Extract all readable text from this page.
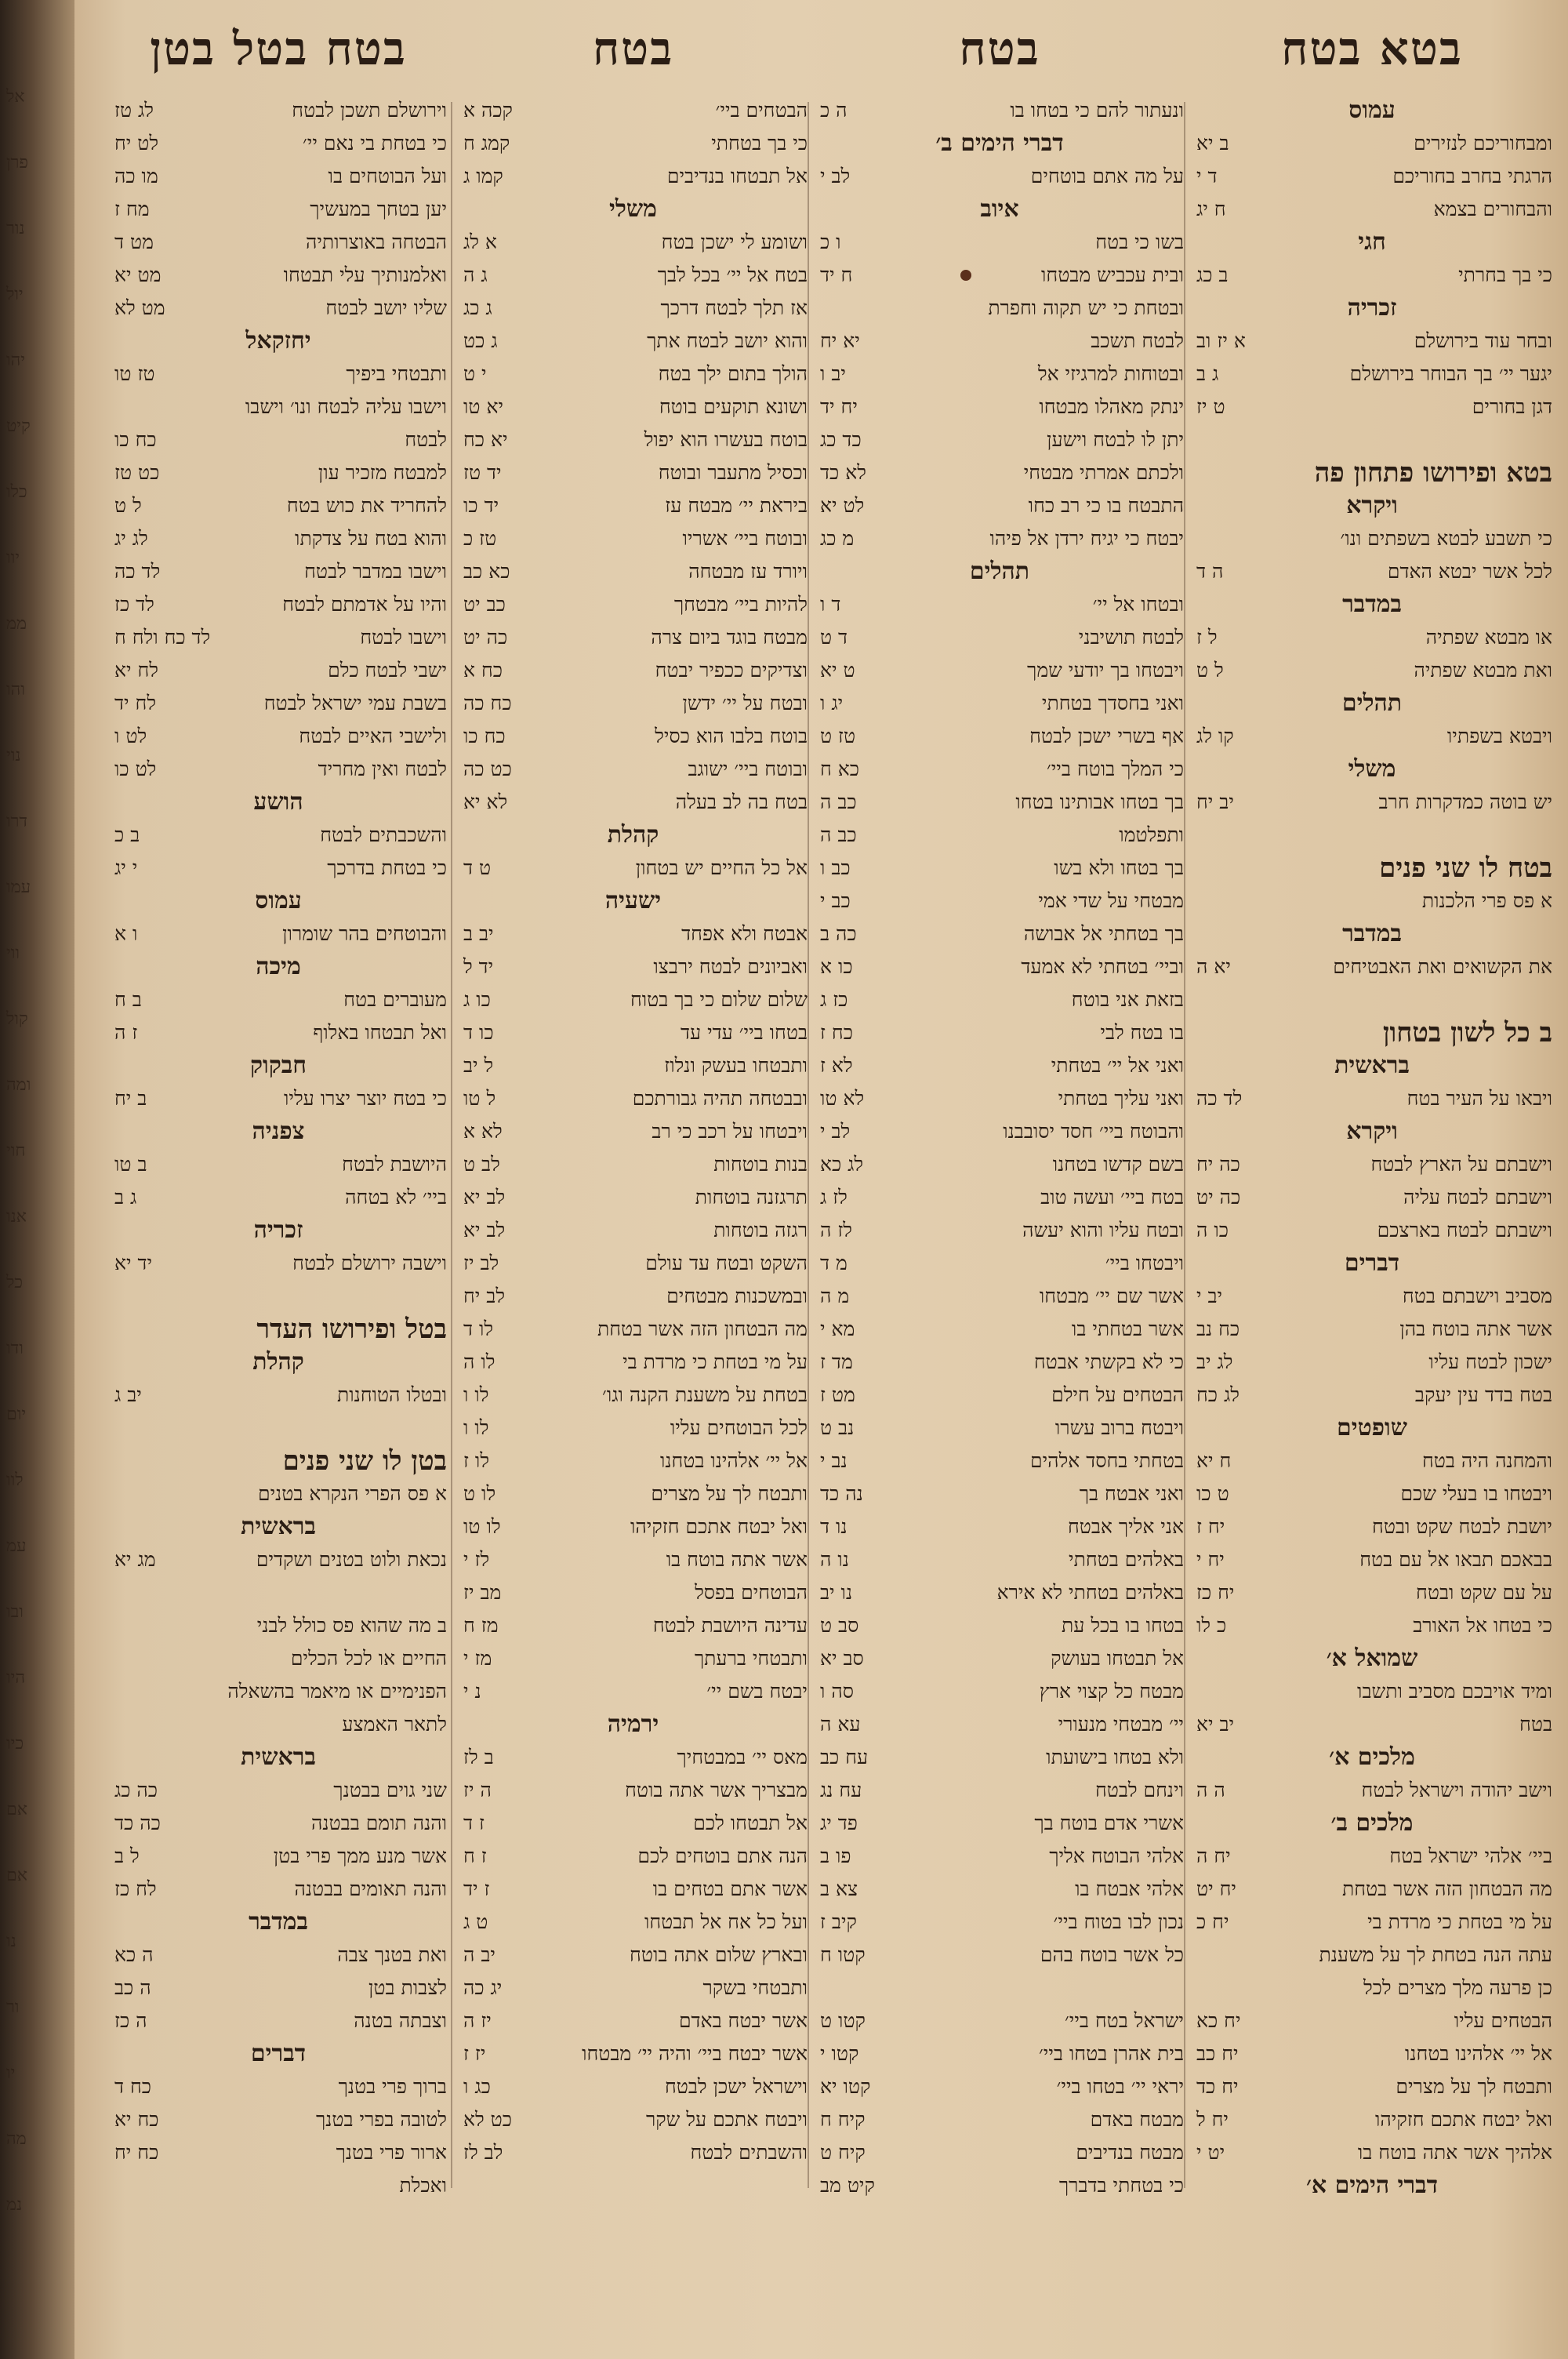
אל
פרן
נור
יול
יהו
קיט
כלו
יוו
ממ
והו
נוי
דרו
עמו
ווי
קול
ומה
חוי
אנו
כל
ודו
יום
לוו
עמ
ובו
היו
כיו
אם
אם
נו
ור
יו
מה
נמ
בטא בטח
בטח
בטח
בטח בטל בטן
עמוס
ומבחוריכם לנזירים
ב יא
הרגתי בחרב בחוריכם
ד י
והבחורים בצמא
ח יג
חגי
כי בך בחרתי
ב כג
זכריה
ובחר עוד בירושלם
א יז וב
יגער יי׳ בך הבוחר בירושלם
ג ב
דגן בחורים
ט יז
בטא ופירושו פתחון פה
ויקרא
כי תשבע לבטא בשפתים ונו׳
לכל אשר יבטא האדם
ה ד
במדבר
או מבטא שפתיה
ל ז
ואת מבטא שפתיה
ל ט
תהלים
ויבטא בשפתיו
קו לג
משלי
יש בוטה כמדקרות חרב
יב יח
בטח לו שני פנים
א פס פרי הלכנות
במדבר
את הקשואים ואת האבטיחים
יא ה
ב כל לשון בטחון
בראשית
ויבאו על העיר בטח
לד כה
ויקרא
וישבתם על הארץ לבטח
כה יח
וישבתם לבטח עליה
כה יט
וישבתם לבטח בארצכם
כו ה
דברים
מסביב וישבתם בטח
יב י
אשר אתה בוטח בהן
כח נב
ישכון לבטח עליו
לג יב
בטח בדד עין יעקב
לג כח
שופטים
והמחנה היה בטח
ח יא
ויבטחו בו בעלי שכם
ט כו
יושבת לבטח שקט ובטח
יח ז
בבאכם תבאו אל עם בטח
יח י
על עם שקט ובטח
יח כז
כי בטחו אל האורב
כ לו
שמואל א׳
ומיד אויבכם מסביב ותשבו
בטח
יב יא
מלכים א׳
וישב יהודה וישראל לבטח
ה ה
מלכים ב׳
ביי׳ אלהי ישראל בטח
יח ה
מה הבטחון הזה אשר בטחת
יח יט
על מי בטחת כי מרדת בי
יח כ
עתה הנה בטחת לך על משענת
כן פרעה מלך מצרים לכל
הבטחים עליו
יח כא
אל יי׳ אלהינו בטחנו
יח כב
ותבטח לך על מצרים
יח כד
ואל יבטח אתכם חזקיהו
יח ל
אלהיך אשר אתה בוטח בו
יט י
דברי הימים א׳
ונעתור להם כי בטחו בו
ה כ
דברי הימים ב׳
על מה אתם בוטחים
לב י
איוב
בשו כי בטח
ו כ
ובית עכביש מבטחו
ח יד
ובטחת כי יש תקוה וחפרת
לבטח תשכב
יא יח
ובטוחות למרגיזי אל
יב ו
ינתק מאהלו מבטחו
יח יד
יתן לו לבטח וישען
כד כג
ולכתם אמרתי מבטחי
לא כד
התבטח בו כי רב כחו
לט יא
יבטח כי יגיח ירדן אל פיהו
מ כג
תהלים
ובטחו אל יי׳
ד ו
לבטח תושיבני
ד ט
ויבטחו בך יודעי שמך
ט יא
ואני בחסדך בטחתי
יג ו
אף בשרי ישכן לבטח
טז ט
כי המלך בוטח ביי׳
כא ח
בך בטחו אבותינו בטחו
כב ה
ותפלטמו
כב ה
בך בטחו ולא בשו
כב ו
מבטחי על שדי אמי
כב י
בך בטחתי אל אבושה
כה ב
וביי׳ בטחתי לא אמעד
כו א
בזאת אני בוטח
כז ג
בו בטח לבי
כח ז
ואני אל יי׳ בטחתי
לא ז
ואני עליך בטחתי
לא טו
והבוטח ביי׳ חסד יסובבנו
לב י
בשם קדשו בטחנו
לג כא
בטח ביי׳ ועשה טוב
לז ג
ובטח עליו והוא יעשה
לז ה
ויבטחו ביי׳
מ ד
אשר שם יי׳ מבטחו
מ ה
אשר בטחתי בו
מא י
כי לא בקשתי אבטח
מד ז
הבטחים על חילם
מט ז
ויבטח ברוב עשרו
נב ט
בטחתי בחסד אלהים
נב י
ואני אבטח בך
נה כד
אני אליך אבטח
נו ד
באלהים בטחתי
נו ה
באלהים בטחתי לא אירא
נו יב
בטחו בו בכל עת
סב ט
אל תבטחו בעושק
סב יא
מבטח כל קצוי ארץ
סה ו
יי׳ מבטחי מנעורי
עא ה
ולא בטחו בישועתו
עח כב
וינחם לבטח
עח נג
אשרי אדם בוטח בך
פד יג
אלהי הבוטח אליך
פו ב
אלהי אבטח בו
צא ב
נכון לבו בטוח ביי׳
קיב ז
כל אשר בוטח בהם
קטו ח
ישראל בטח ביי׳
קטו ט
בית אהרן בטחו ביי׳
קטו י
יראי יי׳ בטחו ביי׳
קטו יא
מבטח באדם
קיח ח
מבטח בנדיבים
קיח ט
כי בטחתי בדברך
קיט מב
הבטחים ביי׳
קכה א
כי בך בטחתי
קמג ח
אל תבטחו בנדיבים
קמו ג
משלי
ושומע לי ישכן בטח
א לג
בטח אל יי׳ בכל לבך
ג ה
אז תלך לבטח דרכך
ג כג
והוא יושב לבטח אתך
ג כט
הולך בתום ילך בטח
י ט
ושונא תוקעים בוטח
יא טו
בוטח בעשרו הוא יפול
יא כח
וכסיל מתעבר ובוטח
יד טז
ביראת יי׳ מבטח עז
יד כו
ובוטח ביי׳ אשריו
טז כ
ויורד עז מבטחה
כא כב
להיות ביי׳ מבטחך
כב יט
מבטח בוגד ביום צרה
כה יט
וצדיקים ככפיר יבטח
כח א
ובטח על יי׳ ידשן
כח כה
בוטח בלבו הוא כסיל
כח כו
ובוטח ביי׳ ישוגב
כט כה
בטח בה לב בעלה
לא יא
קהלת
אל כל החיים יש בטחון
ט ד
ישעיה
אבטח ולא אפחד
יב ב
ואביונים לבטח ירבצו
יד ל
שלום שלום כי בך בטוח
כו ג
בטחו ביי׳ עדי עד
כו ד
ותבטחו בעשק ונלוז
ל יב
ובבטחה תהיה גבורתכם
ל טו
ויבטחו על רכב כי רב
לא א
בנות בוטחות
לב ט
תרגזנה בוטחות
לב יא
רגזה בוטחות
לב יא
השקט ובטח עד עולם
לב יז
ובמשכנות מבטחים
לב יח
מה הבטחון הזה אשר בטחת
לו ד
על מי בטחת כי מרדת בי
לו ה
בטחת על משענת הקנה וגו׳
לו ו
לכל הבוטחים עליו
לו ו
אל יי׳ אלהינו בטחנו
לו ז
ותבטח לך על מצרים
לו ט
ואל יבטח אתכם חזקיהו
לו טו
אשר אתה בוטח בו
לז י
הבוטחים בפסל
מב יז
עדינה היושבת לבטח
מז ח
ותבטחי ברעתך
מז י
יבטח בשם יי׳
נ י
ירמיה
מאס יי׳ במבטחיך
ב לז
מבצריך אשר אתה בוטח
ה יז
אל תבטחו לכם
ז ד
הנה אתם בוטחים לכם
ז ח
אשר אתם בטחים בו
ז יד
ועל כל אח אל תבטחו
ט ג
ובארץ שלום אתה בוטח
יב ה
ותבטחי בשקר
יג כה
אשר יבטח באדם
יז ה
אשר יבטח ביי׳ והיה יי׳ מבטחו
יז ז
וישראל ישכן לבטח
כג ו
ויבטח אתכם על שקר
כט לא
והשבתים לבטח
לב לז
וירושלם תשכן לבטח
לג טז
כי בטחת בי נאם יי׳
לט יח
ועל הבוטחים בו
מו כה
יען בטחך במעשיך
מח ז
הבטחה באוצרותיה
מט ד
ואלמנותיך עלי תבטחו
מט יא
שליו יושב לבטח
מט לא
יחזקאל
ותבטחי ביפיך
טז טו
וישבו עליה לבטח ונו׳ וישבו
לבטח
כח כו
למבטח מזכיר עון
כט טז
להחריד את כוש בטח
ל ט
והוא בטח על צדקתו
לג יג
וישבו במדבר לבטח
לד כה
והיו על אדמתם לבטח
לד כז
וישבו לבטח
לד כח ולח ח
ישבי לבטח כלם
לח יא
בשבת עמי ישראל לבטח
לח יד
ולישבי האיים לבטח
לט ו
לבטח ואין מחריד
לט כו
הושע
והשכבתים לבטח
ב כ
כי בטחת בדרכך
י יג
עמוס
והבוטחים בהר שומרון
ו א
מיכה
מעוברים בטח
ב ח
ואל תבטחו באלוף
ז ה
חבקוק
כי בטח יוצר יצרו עליו
ב יח
צפניה
היושבת לבטח
ב טו
ביי׳ לא בטחה
ג ב
זכריה
וישבה ירושלם לבטח
יד יא
בטל ופירושו העדר
קהלת
ובטלו הטוחנות
יב ג
בטן לו שני פנים
א פס הפרי הנקרא בטנים
בראשית
נכאת ולוט בטנים ושקדים
מג יא
ב מה שהוא פס כולל לבני
החיים או לכל הכלים
הפנימיים או מיאמר בהשאלה
לתאר האמצע
בראשית
שני גוים בבטנך
כה כג
והנה תומם בבטנה
כה כד
אשר מנע ממך פרי בטן
ל ב
והנה תאומים בבטנה
לח כז
במדבר
ואת בטנך צבה
ה כא
לצבות בטן
ה כב
וצבתה בטנה
ה כז
דברים
ברוך פרי בטנך
כח ד
לטובה בפרי בטנך
כח יא
ארור פרי בטנך
כח יח
ואכלת
